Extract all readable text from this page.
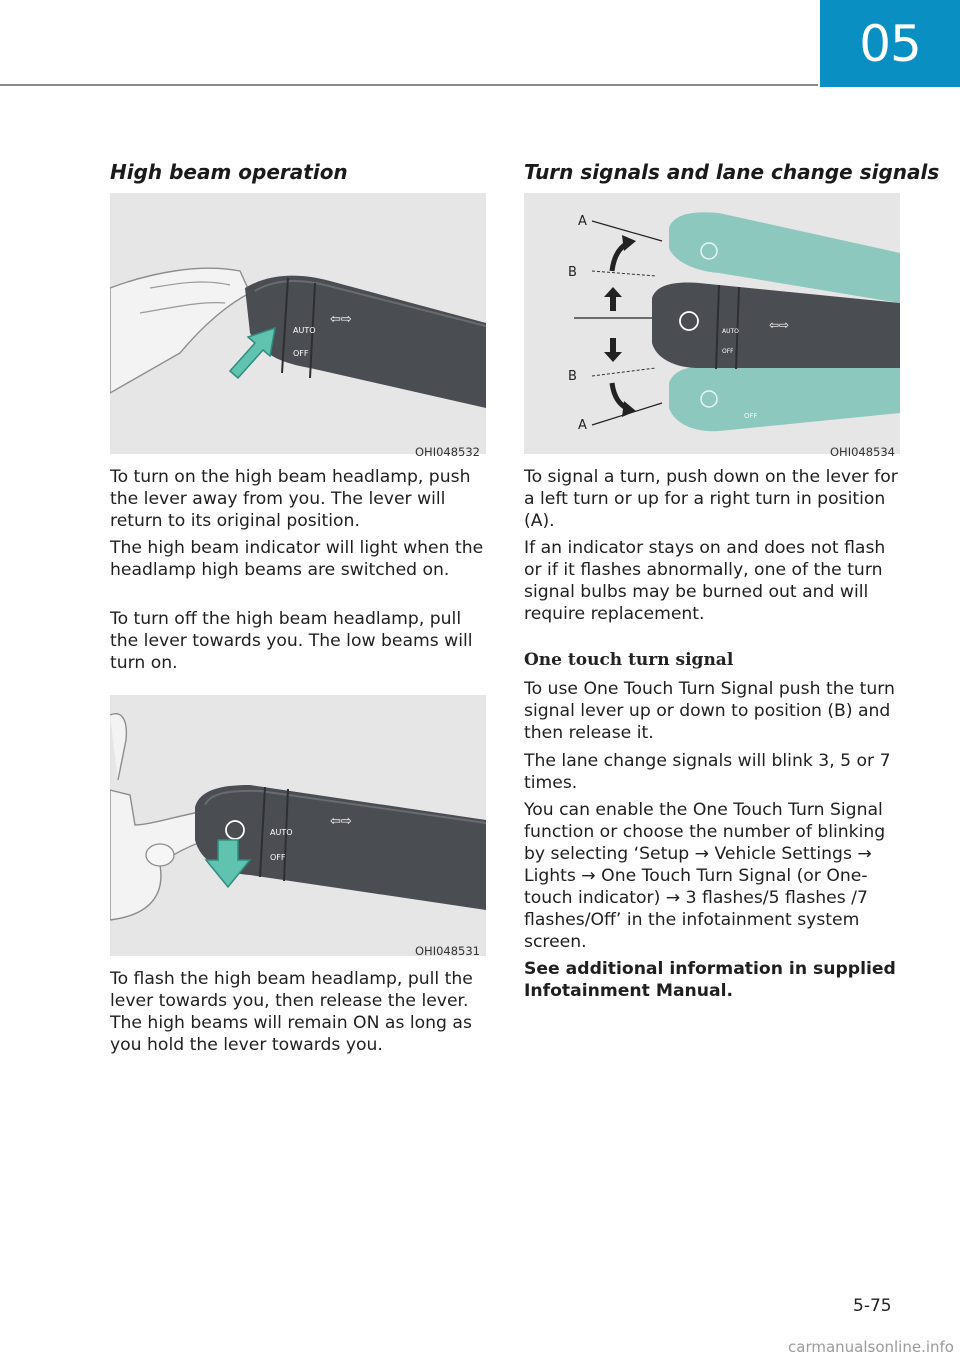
05
High beam operation
AUTO
OFF
⇦⇨
OHI048532

To turn on the high beam headlamp, push the lever away from you. The lever will return to its original position.

The high beam indicator will light when the headlamp high beams are switched on.

To turn off the high beam headlamp, pull the lever towards you. The low beams will turn on.

AUTO
OFF
⇦⇨
OHI048531

To flash the high beam headlamp, pull the lever towards you, then release the lever. The high beams will remain ON as long as you hold the lever towards you.

Turn signals and lane change signals
OFF
AUTO
OFF
⇦⇨
A
B
B
A
OHI048534

To signal a turn, push down on the lever for a left turn or up for a right turn in position (A).

If an indicator stays on and does not flash or if it flashes abnormally, one of the turn signal bulbs may be burned out and will require replacement.

One touch turn signal

To use One Touch Turn Signal push the turn signal lever up or down to position (B) and then release it.

The lane change signals will blink 3, 5 or 7 times.

You can enable the One Touch Turn Signal function or choose the number of blinking by selecting ‘Setup → Vehicle Settings → Lights → One Touch Turn Signal (or One-touch indicator) → 3 flashes/5 flashes /7 flashes/Off’ in the infotainment system screen.

See additional information in supplied Infotainment Manual.

5-75
carmanualsonline.info
